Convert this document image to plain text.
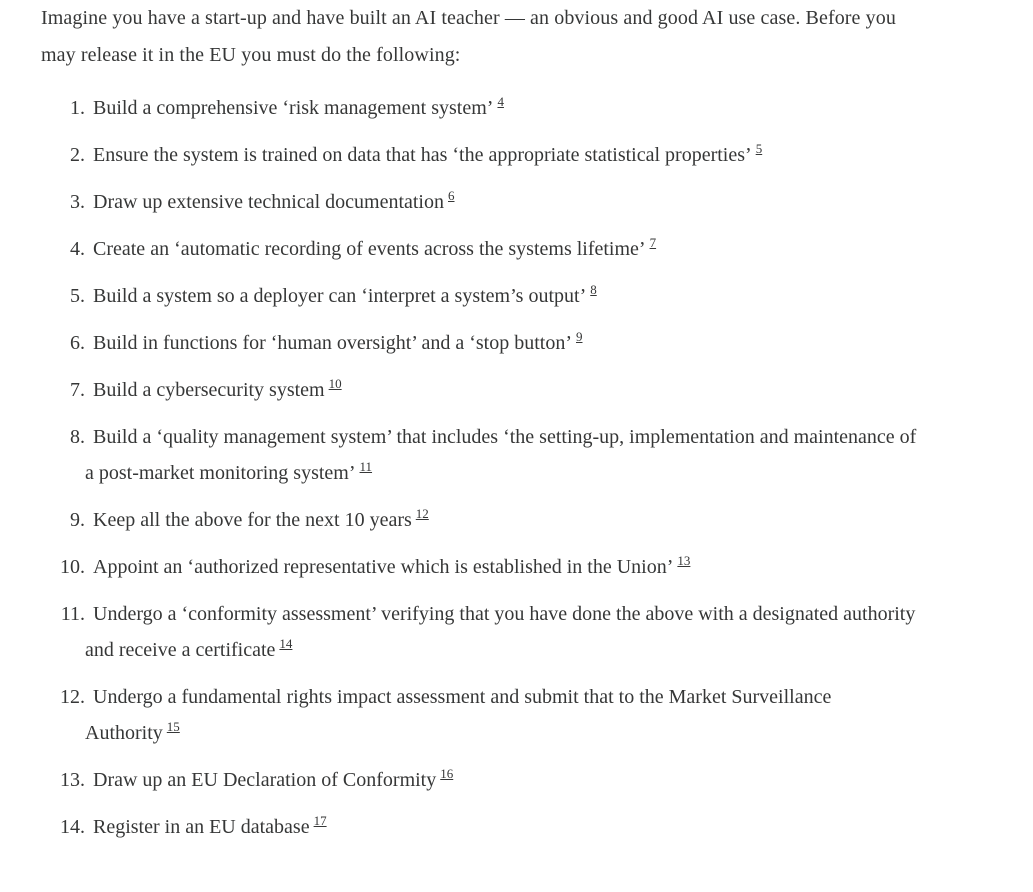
Imagine you have a start-up and have built an AI teacher — an obvious and good AI use case. Before you may release it in the EU you must do the following:

1. Build a comprehensive ‘risk management system’ $^4$
2. Ensure the system is trained on data that has ‘the appropriate statistical properties’ $^5$
3. Draw up extensive technical documentation $^6$
4. Create an ‘automatic recording of events across the systems lifetime’ $^7$
5. Build a system so a deployer can ‘interpret a system’s output’ $^8$
6. Build in functions for ‘human oversight’ and a ‘stop button’ $^9$
7. Build a cybersecurity system $^{10}$
8. Build a ‘quality management system’ that includes ‘the setting-up, implementation and maintenance of a post-market monitoring system’ $^{11}$
9. Keep all the above for the next 10 years $^{12}$
10. Appoint an ‘authorized representative which is established in the Union’ $^{13}$
11. Undergo a ‘conformity assessment’ verifying that you have done the above with a designated authority and receive a certificate $^{14}$
12. Undergo a fundamental rights impact assessment and submit that to the Market Surveillance Authority $^{15}$
13. Draw up an EU Declaration of Conformity $^{16}$
14. Register in an EU database $^{17}$
